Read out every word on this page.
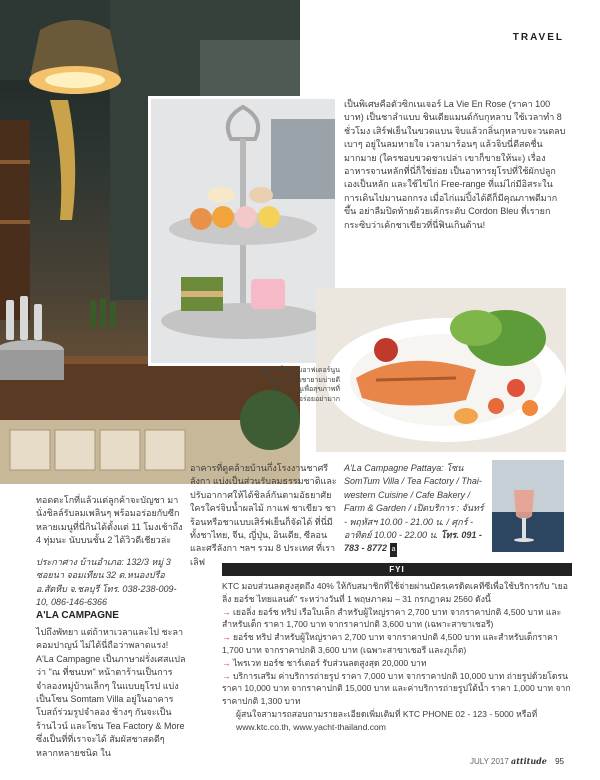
TRAVEL
เป็นพิเศษคือตัวซิกเนเจอร์ La Vie En Rose (ราคา 100 บาท) เป็นชาลำแบบ ชินเดียแมนด์กับกุหลาบ ใช้เวลาทำ 8 ชั่วโมง เสิร์ฟเย็นในขวดแบน จิบแล้วกลิ่นกุหลาบจะวนตลบเบาๆ อยู่ในลมหายใจ เวลามาร้อนๆ แล้วจิบนี่ดีสดชื่นมากมาย (ใครชอบขวดชาเปล่า เขาก็ขายให้นะ) เรื่องอาหารจานหลักที่นี่ก็ใช่ย่อย เป็นอาหารยุโรปที่ใช้ผักปลูกเองเป็นหลัก และใช้ไข่ไก่ Free-range ที่แม่ไก่มีอิสระในการเดินไปมานอกกรง เมื่อไก่แม่ปิ้งได้ดีก็มีคุณภาพดีมากขึ้น อย่าลืมปิดท้ายด้วยเค้กระดับ Cordon Bleu ที่เรายกกระซิบว่าเค้กชาเขียวที่นี่ฟินเกินต้าน!
บน : เซ็ตขนมอาฟเตอร์นูนใช้กับการจิบชายามบ่ายดี
ขวา : เมนูเพื่อสุขภาพที่อร่อยอย่ามาก
อาคารที่ดูคล้ายบ้านกึ่งโรงงานชาศรีลังกา แบ่งเป็นส่วนรับลมธรรมชาติและปรับอากาศให้ได้ชิลล์กันตามอัธยาศัย ใครใคร่จิบน้ำผลไม้ กาแฟ ชาเขียว ชาร้อนหรือชาแบบเสิร์ฟเย็นก็จัดได้ ที่นี่มีทั้งชาไทย, จีน, ญี่ปุ่น, อินเดีย, ซีลอนและศรีลังกา ฯลฯ รวม 8 ประเทศ ที่เราเลิฟ
A'La Campagne Pattaya: โซน SomTum Villa / Tea Factory / Thai-western Cuisine / Cafe Bakery / Farm & Garden / เปิดบริการ : จันทร์ - พฤหัสฯ 10.00 - 21.00 น. / ศุกร์ - อาทิตย์ 10.00 - 22.00 น. โทร. 091 - 783 - 8772 a
ทอดตะโกที่แล้วแต่ลูกค้าจะบัญชา มา นั่งชิลล์รับลมเพลินๆ พร้อมอร่อยกับซีก หลายเมนูที่นี่กินได้ตั้งแต่ 11 โมงเช้าถึง 4 ทุ่มนะ นับบนชั้น 2 ได้วิวดีเชียวล่ะ
ประกาศาง บ้านอำเภอ: 132/3 หมู่ 3 ซอยนา จอมเทียน 32 ต.หนองปรือ อ.สัตหีบ จ.ชลบุรี โทร. 038-238-009-10, 086-146-6366
A'LA CAMPAGNE
ไปถึงพัทยา แต่ถ้าหาเวลาและไป ชะลา คอมปาญน์ ไม่ได้นี่ถือว่าพลาดแรง! A'La Campagne เป็นภาษาฝรั่งเศสแปลว่า "ณ ที่ชนบท" หน้าตาร้านเป็นการจำลองหมู่บ้านเล็กๆ ในแบบยุโรป แบ่งเป็นโซน Somtam Villa อยู่ในอาคารโบสถ์ร่วมรูปจำลอง ช้างๆ กันจะเป็นร้านไวน์ และโซน Tea Factory & More ซึ่งเป็นที่ที่เราจะได้ สัมผัสชาสดดีๆ หลากหลายชนิด ใน
FYI

KTC มอบส่วนลดสูงสุดถึง 40% ให้กับสมาชิกที่ใช้จ่ายผ่านบัตรเครดิตเคทีซีเพื่อใช้บริการกับ "เยอลิ่ง ยอร์ช ไทยแลนด์" ระหว่างวันที่ 1 พฤษภาคม – 31 กรกฎาคม 2560 ดังนี้

→ เยอลิ่ง ยอร์ช ทริป เรือใบเล็ก สำหรับผู้ใหญ่ราคา 2,700 บาท จากราคาปกติ 4,500 บาท และสำหรับเด็ก ราคา 1,700 บาท จากราคาปกติ 3,600 บาท (เฉพาะสาขาเชอรี)

→ ยอร์ช ทริป สำหรับผู้ใหญ่ราคา 2,700 บาท จากราคาปกติ 4,500 บาท และสำหรับเด็กราคา 1,700 บาท จากราคาปกติ 3,600 บาท (เฉพาะสาขาเชอรี และภูเก็ต)

→ ไพรเวท ยอร์ช ชาร์เตอร์ รับส่วนลดสูงสุด 20,000 บาท

→ บริการเสริม ค่าบริการถ่ายรูป ราคา 7,000 บาท จากราคาปกติ 10,000 บาท ถ่ายรูปด้วยโดรน ราคา 10,000 บาท จากราคาปกติ 15,000 บาท และค่าบริการถ่ายรูปใต้น้ำ ราคา 1,000 บาท จากราคาปกติ 1,300 บาท

ผู้สนใจสามารถสอบถามรายละเอียดเพิ่มเติมที่ KTC PHONE 02 - 123 - 5000 หรือที่ www.ktc.co.th, www.yacht-thailand.com

JULY 2017 attitude 95
